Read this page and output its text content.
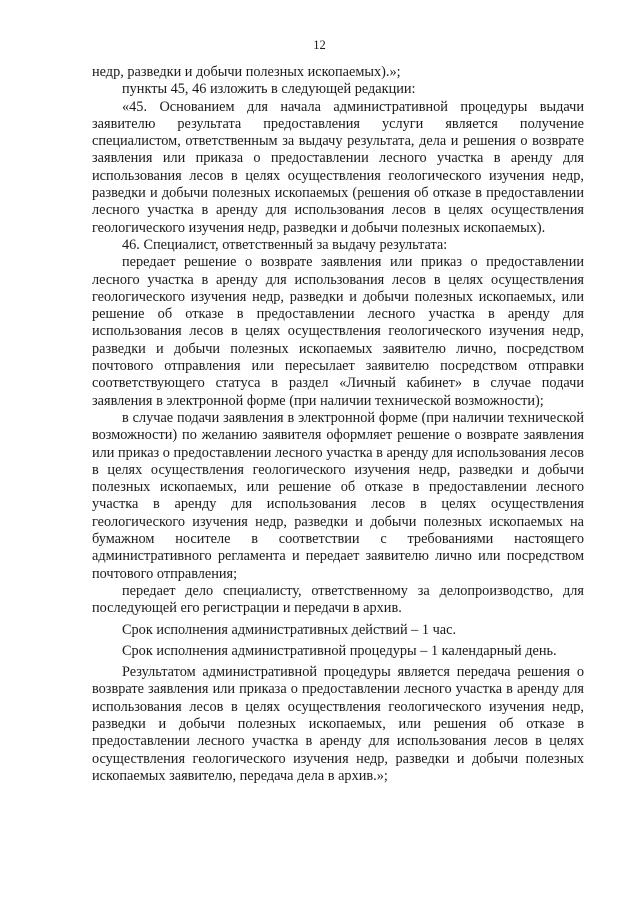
12

недр, разведки и добычи полезных ископаемых).»;

пункты 45, 46 изложить в следующей редакции:

«45. Основанием для начала административной процедуры выдачи заявителю результата предоставления услуги является получение специалистом, ответственным за выдачу результата, дела и решения о возврате заявления или приказа о предоставлении лесного участка в аренду для использования лесов в целях осуществления геологического изучения недр, разведки и добычи полезных ископаемых (решения об отказе в предоставлении лесного участка в аренду для использования лесов в целях осуществления геологического изучения недр, разведки и добычи полезных ископаемых).

46. Специалист, ответственный за выдачу результата:

передает решение о возврате заявления или приказ о предоставлении лесного участка в аренду для использования лесов в целях осуществления геологического изучения недр, разведки и добычи полезных ископаемых, или решение об отказе в предоставлении лесного участка в аренду для использования лесов в целях осуществления геологического изучения недр, разведки и добычи полезных ископаемых заявителю лично, посредством почтового отправления или пересылает заявителю посредством отправки соответствующего статуса в раздел «Личный кабинет» в случае подачи заявления в электронной форме (при наличии технической возможности);

в случае подачи заявления в электронной форме (при наличии технической возможности) по желанию заявителя оформляет решение о возврате заявления или приказ о предоставлении лесного участка в аренду для использования лесов в целях осуществления геологического изучения недр, разведки и добычи полезных ископаемых, или решение об отказе в предоставлении лесного участка в аренду для использования лесов в целях осуществления геологического изучения недр, разведки и добычи полезных ископаемых на бумажном носителе в соответствии с требованиями настоящего административного регламента и передает заявителю лично или посредством почтового отправления;

передает дело специалисту, ответственному за делопроизводство, для последующей его регистрации и передачи в архив.

Срок исполнения административных действий – 1 час.

Срок исполнения административной процедуры – 1 календарный день.

Результатом административной процедуры является передача решения о возврате заявления или приказа о предоставлении лесного участка в аренду для использования лесов в целях осуществления геологического изучения недр, разведки и добычи полезных ископаемых, или решения об отказе в предоставлении лесного участка в аренду для использования лесов в целях осуществления геологического изучения недр, разведки и добычи полезных ископаемых заявителю, передача дела в архив.»;
